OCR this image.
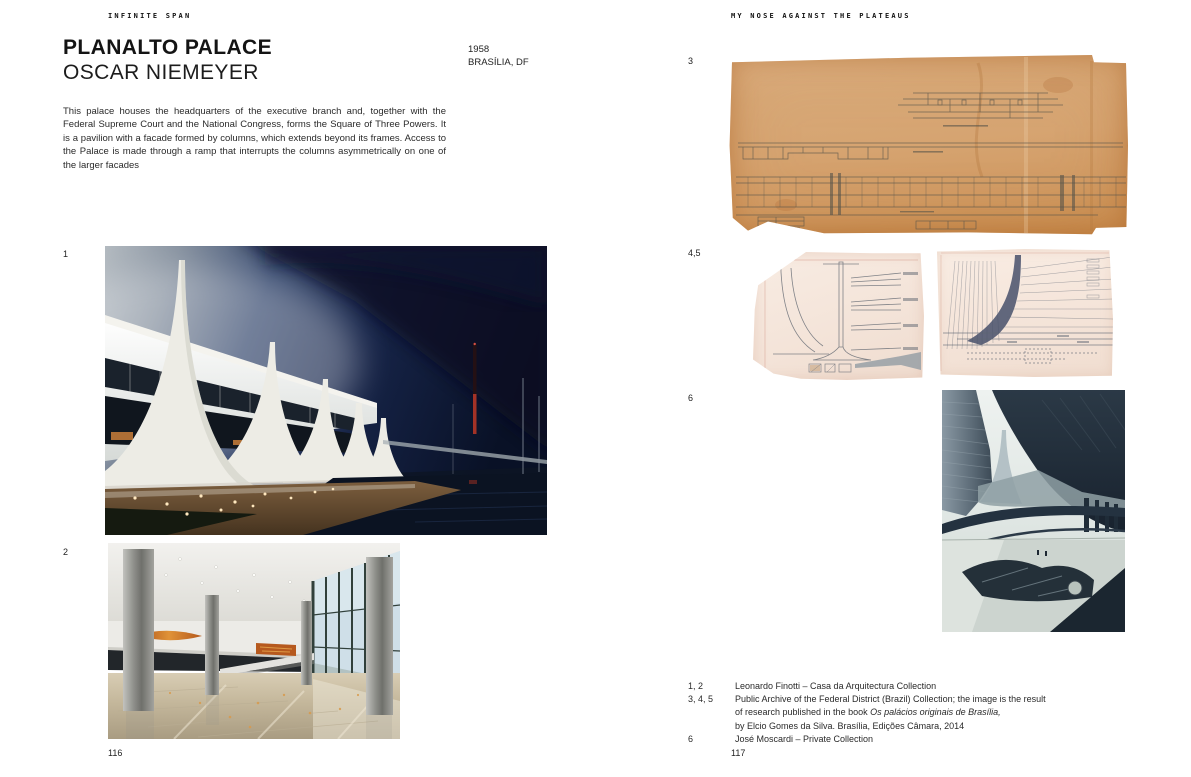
INFINITE SPAN
PLANALTO PALACE
OSCAR NIEMEYER
1958
BRASÍLIA, DF
This palace houses the headquarters of the executive branch and, together with the Federal Supreme Court and the National Congress, forms the Square of Three Powers. It is a pavilion with a facade formed by columns, which extends beyond its frames. Access to the Palace is made through a ramp that interrupts the columns asymmetrically on one of the larger facades
1
2
116
MY NOSE AGAINST THE PLATEAUS
3
4,5
6
1, 2	Leonardo Finotti – Casa da Arquitectura Collection
3, 4, 5	Public Archive of the Federal District (Brazil) Collection; the image is the result
of research published in the book Os palácios originais de Brasília,
by Elcio Gomes da Silva. Brasília, Edições Câmara, 2014
6	José Moscardi – Private Collection
117
